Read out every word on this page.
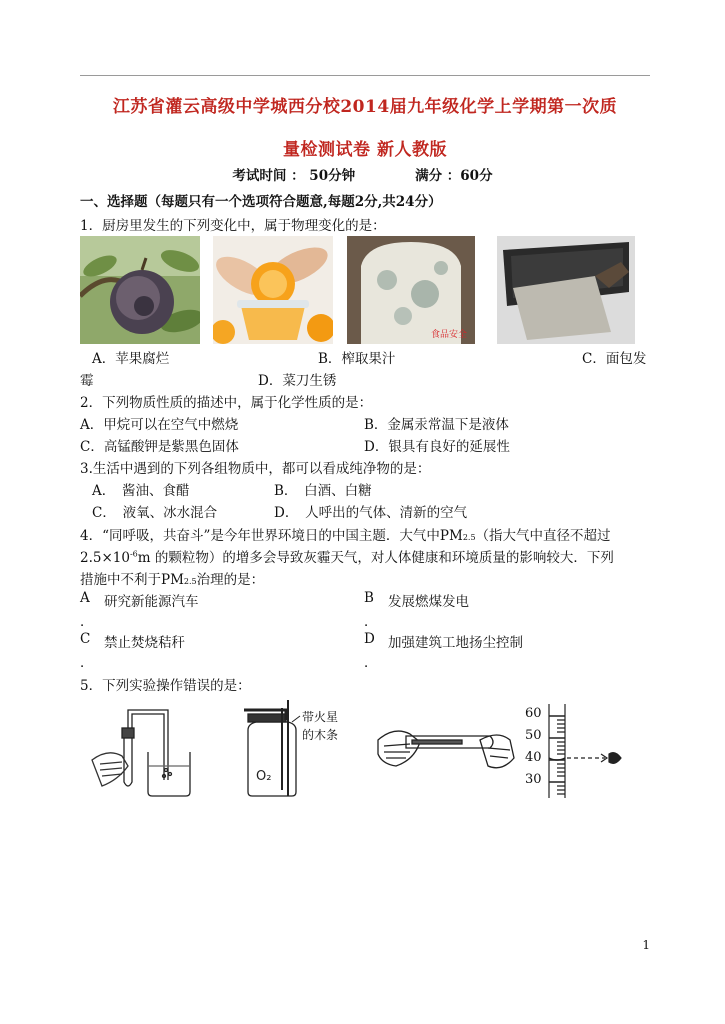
江苏省灌云高级中学城西分校2014届九年级化学上学期第一次质
量检测试卷 新人教版
考试时间 ： 50分钟	满分 ：60分
一、选择题（每题只有一个选项符合题意,每题2分,共24分）
1．厨房里发生的下列变化中，属于物理变化的是：
食品安全
A．苹果腐烂	B．榨取果汁	C．面包发
霉	D．菜刀生锈
2．下列物质性质的描述中，属于化学性质的是：
A．甲烷可以在空气中燃烧	B．金属汞常温下是液体
C．高锰酸钾是紫黑色固体	D．银具有良好的延展性
3.生活中遇到的下列各组物质中，都可以看成纯净物的是：
A．　酱油、食醋	B．　白酒、白糖
C．　液氧、冰水混合	D．　人呼出的气体、清新的空气
4．“同呼吸，共奋斗”是今年世界环境日的中国主题．大气中PM2.5（指大气中直径不超过
$2.5\times 10^{-6}m$ 的颗粒物）的增多会导致灰霾天气，对人体健康和环境质量的影响较大．下列
措施中不利于PM2.5治理的是：
A 研究新能源汽车	B 发展燃煤发电
．	．
C 禁止焚烧秸秆	D 加强建筑工地扬尘控制
．	．
5．下列实验操作错误的是：
O₂
带火星
的木条
60
50
40
30
1
